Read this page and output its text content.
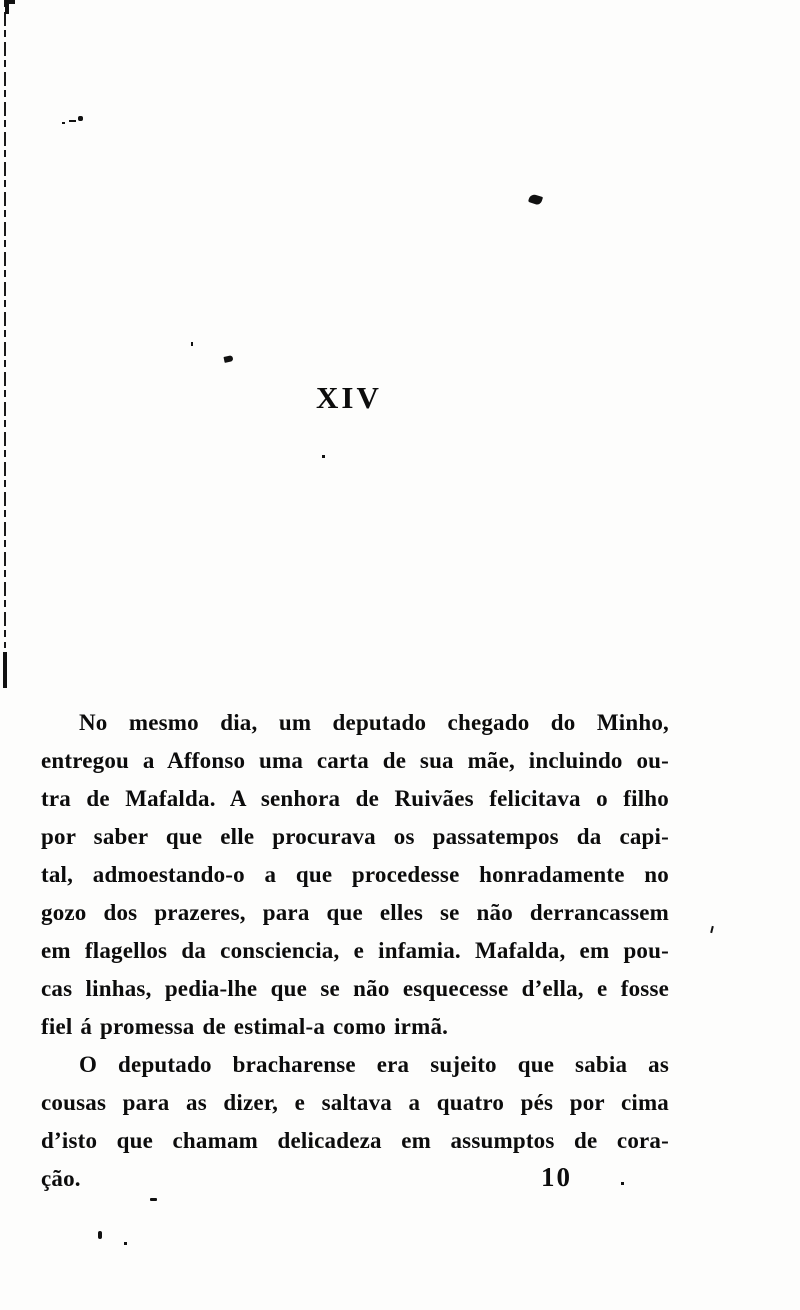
XIV
No mesmo dia, um deputado chegado do Minho,
entregou a Affonso uma carta de sua mãe, incluindo ou-
tra de Mafalda. A senhora de Ruivães felicitava o filho
por saber que elle procurava os passatempos da capi-
tal, admoestando-o a que procedesse honradamente no
gozo dos prazeres, para que elles se não derrancassem
em flagellos da consciencia, e infamia. Mafalda, em pou-
cas linhas, pedia-lhe que se não esquecesse d’ella, e fosse
fiel á promessa de estimal-a como irmã.
O deputado bracharense era sujeito que sabia as
cousas para as dizer, e saltava a quatro pés por cima
d’isto que chamam delicadeza em assumptos de cora-
ção.	10
